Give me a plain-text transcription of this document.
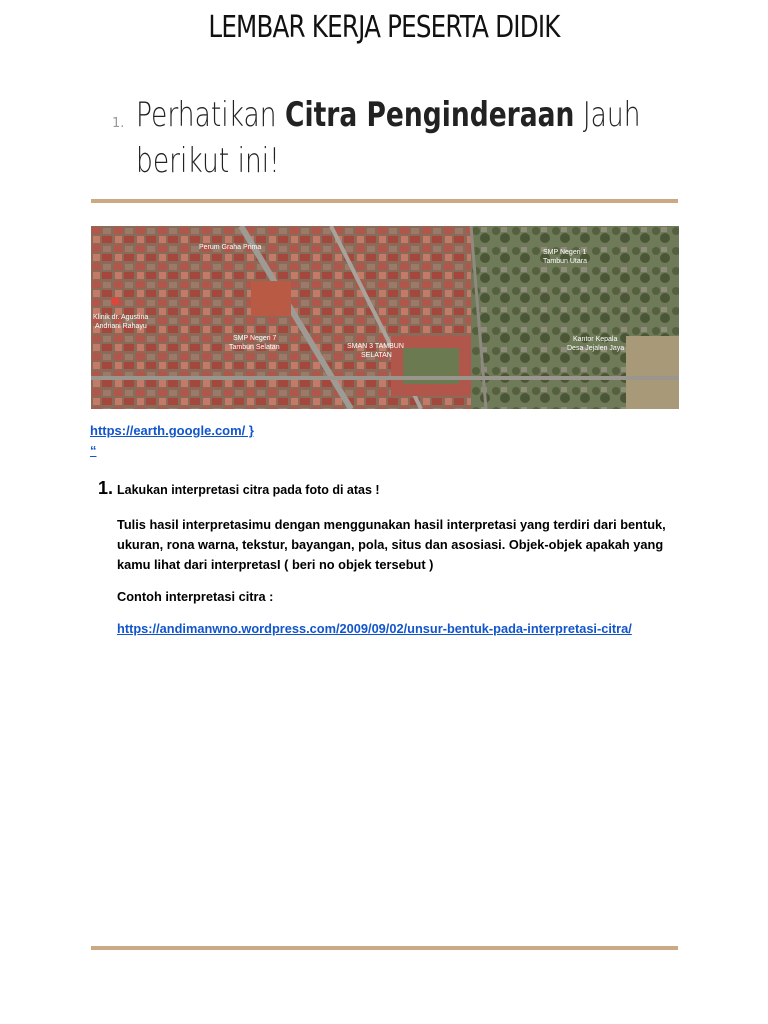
LEMBAR KERJA PESERTA DIDIK
1. Perhatikan Citra Penginderaan Jauh berikut ini!
Perum Graha Prima
SMP Negeri 1
Tambun Utara
SMP Negeri 7
Tambun Selatan	SMAN 3 TAMBUN
SELATAN
Kantor Kepala
Desa Jejalen Jaya
Klinik dr. Agustina
Andriani Rahayu
https://earth.google.com/ }
“
1. Lakukan interpretasi citra pada foto di atas !
Tulis hasil interpretasimu dengan menggunakan hasil interpretasi yang terdiri dari bentuk, ukuran, rona warna, tekstur, bayangan, pola, situs dan asosiasi. Objek-objek apakah yang kamu lihat dari interpretasI ( beri no objek tersebut )
Contoh interpretasi citra :
https://andimanwno.wordpress.com/2009/09/02/unsur-bentuk-pada-interpretasi-citra/
